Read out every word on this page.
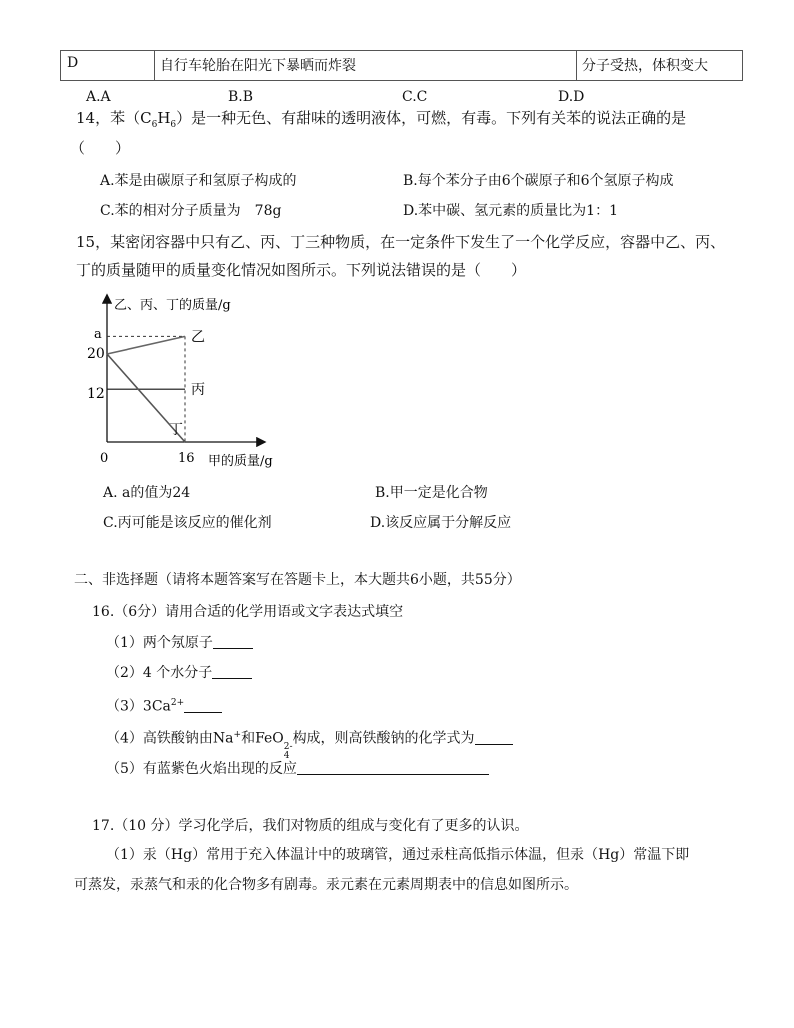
D	自行车轮胎在阳光下暴晒而炸裂	分子受热，体积变大
A.A	B.B	C.C	D.D
14，苯$(C_6H_6)$是一种无色、有甜味的透明液体，可燃，有毒。下列有关苯的说法正确的是
（　　）
A.苯是由碳原子和氢原子构成的	B.每个苯分子由6个碳原子和6个氢原子构成
C.苯的相对分子质量为　78g	D.苯中碳、氢元素的质量比为1：1
15，某密闭容器中只有乙、丙、丁三种物质，在一定条件下发生了一个化学反应，容器中乙、丙、
丁的质量随甲的质量变化情况如图所示。下列说法错误的是（　　）
乙、丙、丁的质量/g
甲的质量/g
0	16
a
20
12
乙
丙
丁
A. a的值为24	B.甲一定是化合物
C.丙可能是该反应的催化剂	D.该反应属于分解反应
二、非选择题（请将本题答案写在答题卡上，本大题共6小题，共55分）
16.（6分）请用合适的化学用语或文字表达式填空
（1）两个氖原子
（2）4 个水分子
$(3)3Ca^{2+}$
（4）高铁酸钠由Na+和FeO 2-
4
构成，则高铁酸钠的化学式为
（5）有蓝紫色火焰出现的反应
17.（10 分）学习化学后，我们对物质的组成与变化有了更多的认识。
（1）汞（Hg）常用于充入体温计中的玻璃管，通过汞柱高低指示体温，但汞（Hg）常温下即
可蒸发，汞蒸气和汞的化合物多有剧毒。汞元素在元素周期表中的信息如图所示。
